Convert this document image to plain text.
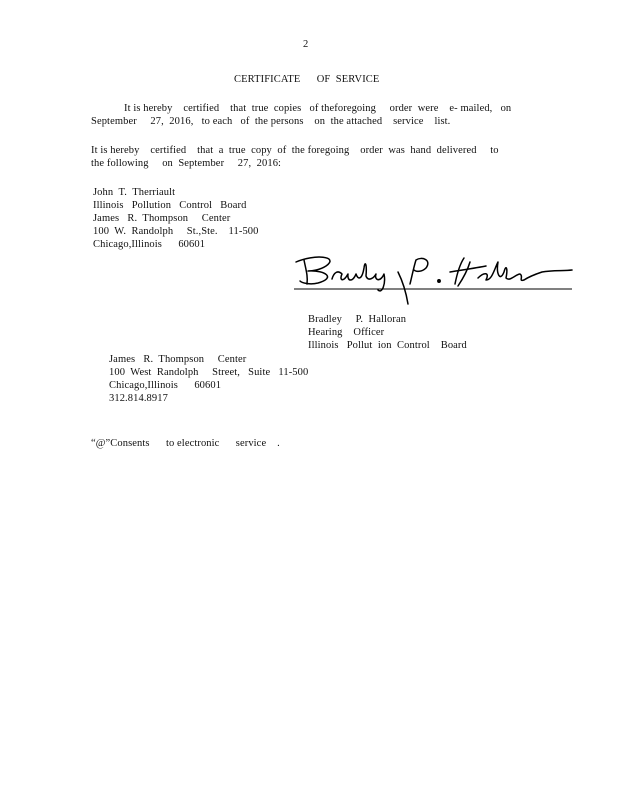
2
CERTIFICATE      OF  SERVICE
It is hereby    certified    that  true  copies   of theforegoing     order  were    e- mailed,   on
September     27,  2016,   to each   of  the persons    on  the attached    service    list.
It is hereby    certified    that  a  true  copy  of  the foregoing    order  was  hand  delivered     to
the following     on  September     27,  2016:
John  T.  Therriault
Illinois   Pollution   Control   Board
James   R.  Thompson     Center
100  W.  Randolph     St.,Ste.    11-500
Chicago,Illinois      60601
Bradley     P.  Halloran
Hearing    Officer
Illinois   Pollut  ion  Control    Board
James   R.  Thompson     Center
100  West  Randolph     Street,   Suite   11-500
Chicago,Illinois      60601
312.814.8917
“@”Consents      to electronic      service    .
